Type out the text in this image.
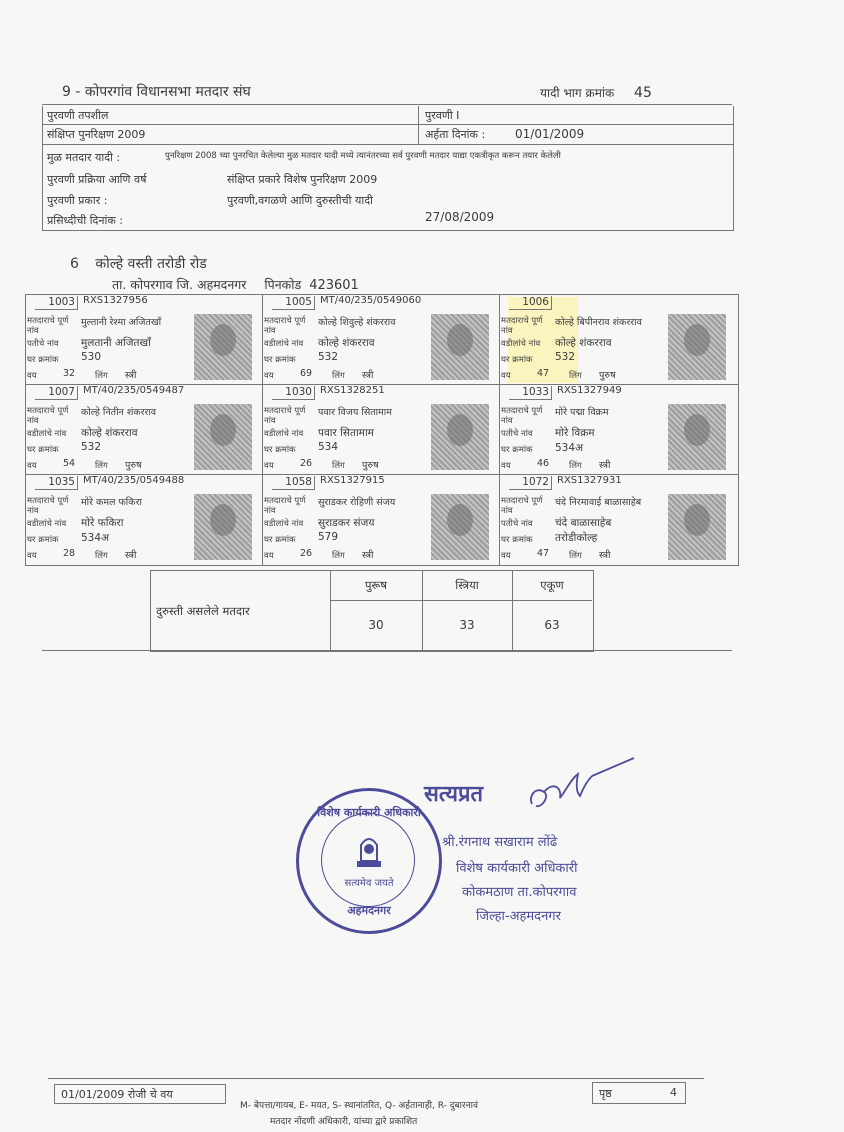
9 - कोपरगांव विधानसभा मतदार संघ	यादी भाग क्रमांक 45
पुरवणी तपशील	पुरवणी I
संक्षिप्त पुनरिक्षण 2009	अर्हता दिनांक : 01/01/2009
मुळ मतदार यादी :	पुनरिक्षण 2008 च्या पुनरचित केलेल्या मुळ मतदार यादी मध्ये त्यानंतरच्या सर्व पुरवणी मतदार याद्या एकत्रीकृत करून तयार केलेली
पुरवणी प्रक्रिया आणि वर्ष	संक्षिप्त प्रकारे विशेष पुनरिक्षण 2009
पुरवणी प्रकार :	पुरवणी,वगळणे आणि दुरुस्तीची यादी
प्रसिध्दीची दिनांक :	27/08/2009
6 कोल्हे वस्ती तरोडी रोड
ता. कोपरगाव जि. अहमदनगर पिनकोड 423601
1003 RXS1327956
मतदाराचे पूर्ण नांव
मुल्तानी रेश्मा अजितखाँ
पतीचे नांव मुलतानी अजितखाँ
घर क्रमांक 530
वय	32 लिंग स्त्री
1005 MT/40/235/0549060
मतदाराचे पूर्ण नांव
कोल्हे शिवुल्हे शंकरराव
वडीलांचे नांव कोल्हे शंकरराव
घर क्रमांक 532
वय	69 लिंग स्त्री
1006
मतदाराचे पूर्ण नांव
कोल्हे बिपीनराव शंकरराव
वडीलांचे नांव कोल्हे शंकरराव
घर क्रमांक 532
वय	47 लिंग पुरुष
1007 MT/40/235/0549487
मतदाराचे पूर्ण नांव
कोल्हे नितीन शंकरराव
वडीलांचे नांव कोल्हे शंकरराव
घर क्रमांक 532
वय	54 लिंग पुरुष
1030 RXS1328251
मतदाराचे पूर्ण नांव
पवार विजय सितामाम
वडीलांचे नांव पवार सितामाम
घर क्रमांक 534
वय	26 लिंग पुरुष
1033 RXS1327949
मतदाराचे पूर्ण नांव
मोरे पद्मा विक्रम
पतीचे नांव मोरे विक्रम
घर क्रमांक 534अ
वय	46 लिंग स्त्री
1035 MT/40/235/0549488
मतदाराचे पूर्ण नांव
मोरे कमल फकिरा
वडीलांचे नांव मोरे फकिरा
घर क्रमांक 534अ
वय	28 लिंग स्त्री
1058 RXS1327915
मतदाराचे पूर्ण नांव
सुराडकर रोहिणी संजय
वडीलांचे नांव सुराडकर संजय
घर क्रमांक 579
वय	26 लिंग स्त्री
1072 RXS1327931
मतदाराचे पूर्ण नांव
चंदे निरमावाई बाळासाहेब
पतीचे नांव चंदे बाळासाहेब
घर क्रमांक तरोडीकोल्ह
वय	47 लिंग स्त्री
दुरुस्ती असलेले मतदार
पुरूष	स्त्रिया	एकूण
30	33	63
विशेष कार्यकारी अधिकारी
सत्यमेव जयते
अहमदनगर
सत्यप्रत
श्री.रंगनाथ सखाराम लोंढे
विशेष कार्यकारी अधिकारी
कोकमठाण ता.कोपरगाव
जिल्हा-अहमदनगर
01/01/2009 रोजी चे वय
M- बेपत्ता/गायब, E- मयत, S- स्थानांतरित, Q- अर्हतानाही, R- दुबारनावं
मतदार नोंदणी अधिकारी, यांच्या द्वारे प्रकाशित
पृष्ठ	4
